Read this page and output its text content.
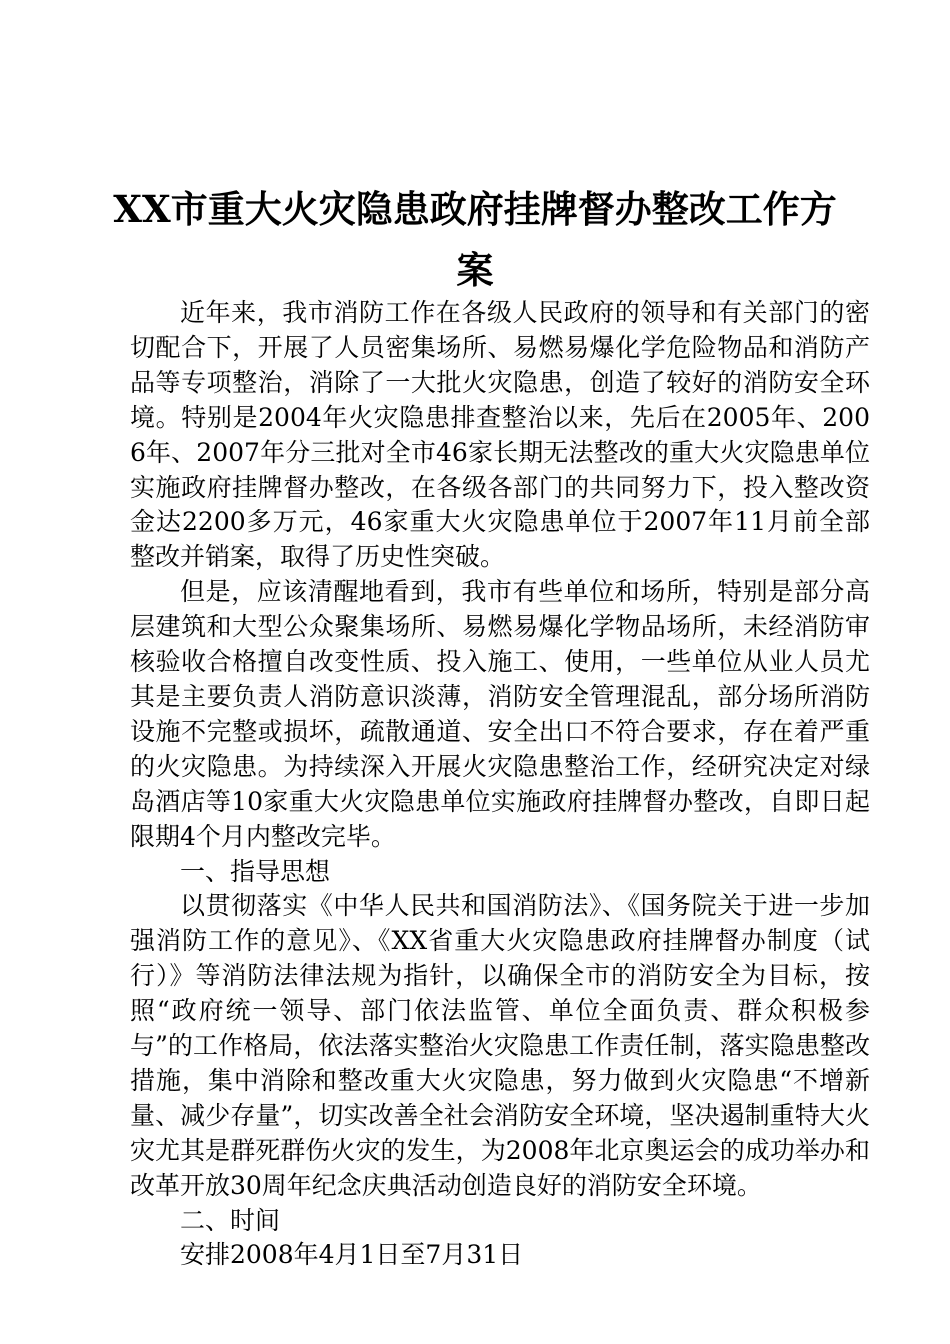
XX市重大火灾隐患政府挂牌督办整改工作方
案

近年来，我市消防工作在各级人民政府的领导和有关部门的密切配合下，开展了人员密集场所、易燃易爆化学危险物品和消防产品等专项整治，消除了一大批火灾隐患，创造了较好的消防安全环境。特别是2004年火灾隐患排查整治以来，先后在2005年、2006年、2007年分三批对全市46家长期无法整改的重大火灾隐患单位实施政府挂牌督办整改，在各级各部门的共同努力下，投入整改资金达2200多万元，46家重大火灾隐患单位于2007年11月前全部整改并销案，取得了历史性突破。

但是，应该清醒地看到，我市有些单位和场所，特别是部分高层建筑和大型公众聚集场所、易燃易爆化学物品场所，未经消防审核验收合格擅自改变性质、投入施工、使用，一些单位从业人员尤其是主要负责人消防意识淡薄，消防安全管理混乱，部分场所消防设施不完整或损坏，疏散通道、安全出口不符合要求，存在着严重的火灾隐患。为持续深入开展火灾隐患整治工作，经研究决定对绿岛酒店等10家重大火灾隐患单位实施政府挂牌督办整改，自即日起限期4个月内整改完毕。

一、指导思想

以贯彻落实《中华人民共和国消防法》、《国务院关于进一步加强消防工作的意见》、《XX省重大火灾隐患政府挂牌督办制度（试行）》等消防法律法规为指针，以确保全市的消防安全为目标，按照“政府统一领导、部门依法监管、单位全面负责、群众积极参与”的工作格局，依法落实整治火灾隐患工作责任制，落实隐患整改措施，集中消除和整改重大火灾隐患，努力做到火灾隐患“不增新量、减少存量”，切实改善全社会消防安全环境，坚决遏制重特大火灾尤其是群死群伤火灾的发生，为2008年北京奥运会的成功举办和改革开放30周年纪念庆典活动创造良好的消防安全环境。

二、时间

安排2008年4月1日至7月31日
